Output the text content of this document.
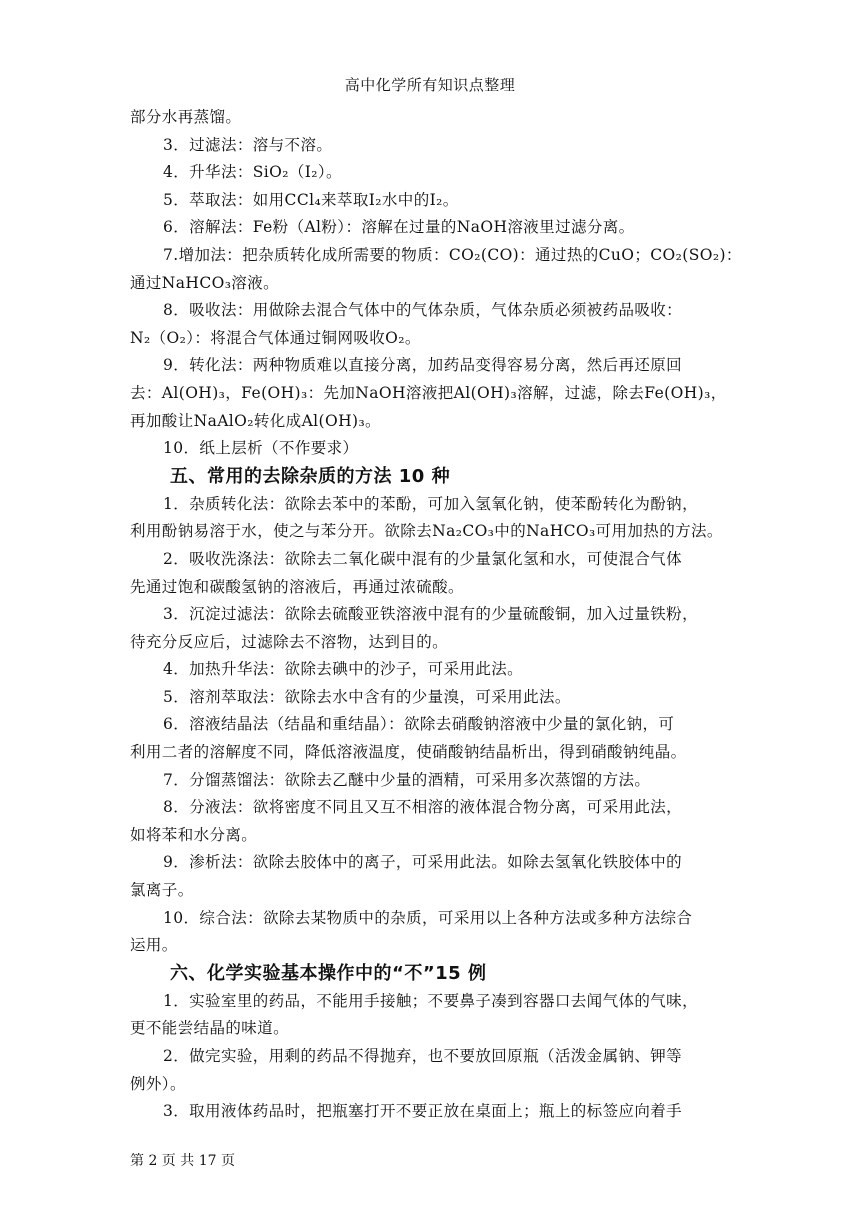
高中化学所有知识点整理
部分水再蒸馏。
3．过滤法：溶与不溶。
4．升华法：SiO₂（I₂）。
5．萃取法：如用CCl₄来萃取I₂水中的I₂。
6．溶解法：Fe粉（Al粉）：溶解在过量的NaOH溶液里过滤分离。
7.增加法：把杂质转化成所需要的物质：CO₂(CO)：通过热的CuO；CO₂(SO₂)：
通过NaHCO₃溶液。
8．吸收法：用做除去混合气体中的气体杂质，气体杂质必须被药品吸收：
N₂（O₂）：将混合气体通过铜网吸收O₂。
9．转化法：两种物质难以直接分离，加药品变得容易分离，然后再还原回
去：Al(OH)₃，Fe(OH)₃：先加NaOH溶液把Al(OH)₃溶解，过滤，除去Fe(OH)₃，
再加酸让NaAlO₂转化成Al(OH)₃。
10．纸上层析（不作要求）
五、常用的去除杂质的方法 10 种
1．杂质转化法：欲除去苯中的苯酚，可加入氢氧化钠，使苯酚转化为酚钠，
利用酚钠易溶于水，使之与苯分开。欲除去Na₂CO₃中的NaHCO₃可用加热的方法。
2．吸收洗涤法：欲除去二氧化碳中混有的少量氯化氢和水，可使混合气体
先通过饱和碳酸氢钠的溶液后，再通过浓硫酸。
3．沉淀过滤法：欲除去硫酸亚铁溶液中混有的少量硫酸铜，加入过量铁粉，
待充分反应后，过滤除去不溶物，达到目的。
4．加热升华法：欲除去碘中的沙子，可采用此法。
5．溶剂萃取法：欲除去水中含有的少量溴，可采用此法。
6．溶液结晶法（结晶和重结晶）：欲除去硝酸钠溶液中少量的氯化钠，可
利用二者的溶解度不同，降低溶液温度，使硝酸钠结晶析出，得到硝酸钠纯晶。
7．分馏蒸馏法：欲除去乙醚中少量的酒精，可采用多次蒸馏的方法。
8．分液法：欲将密度不同且又互不相溶的液体混合物分离，可采用此法，
如将苯和水分离。
9．渗析法：欲除去胶体中的离子，可采用此法。如除去氢氧化铁胶体中的
氯离子。
10．综合法：欲除去某物质中的杂质，可采用以上各种方法或多种方法综合
运用。
六、化学实验基本操作中的“不”15 例
1．实验室里的药品，不能用手接触；不要鼻子凑到容器口去闻气体的气味，
更不能尝结晶的味道。
2．做完实验，用剩的药品不得抛弃，也不要放回原瓶（活泼金属钠、钾等
例外）。
3．取用液体药品时，把瓶塞打开不要正放在桌面上；瓶上的标签应向着手
第 2 页 共 17 页
